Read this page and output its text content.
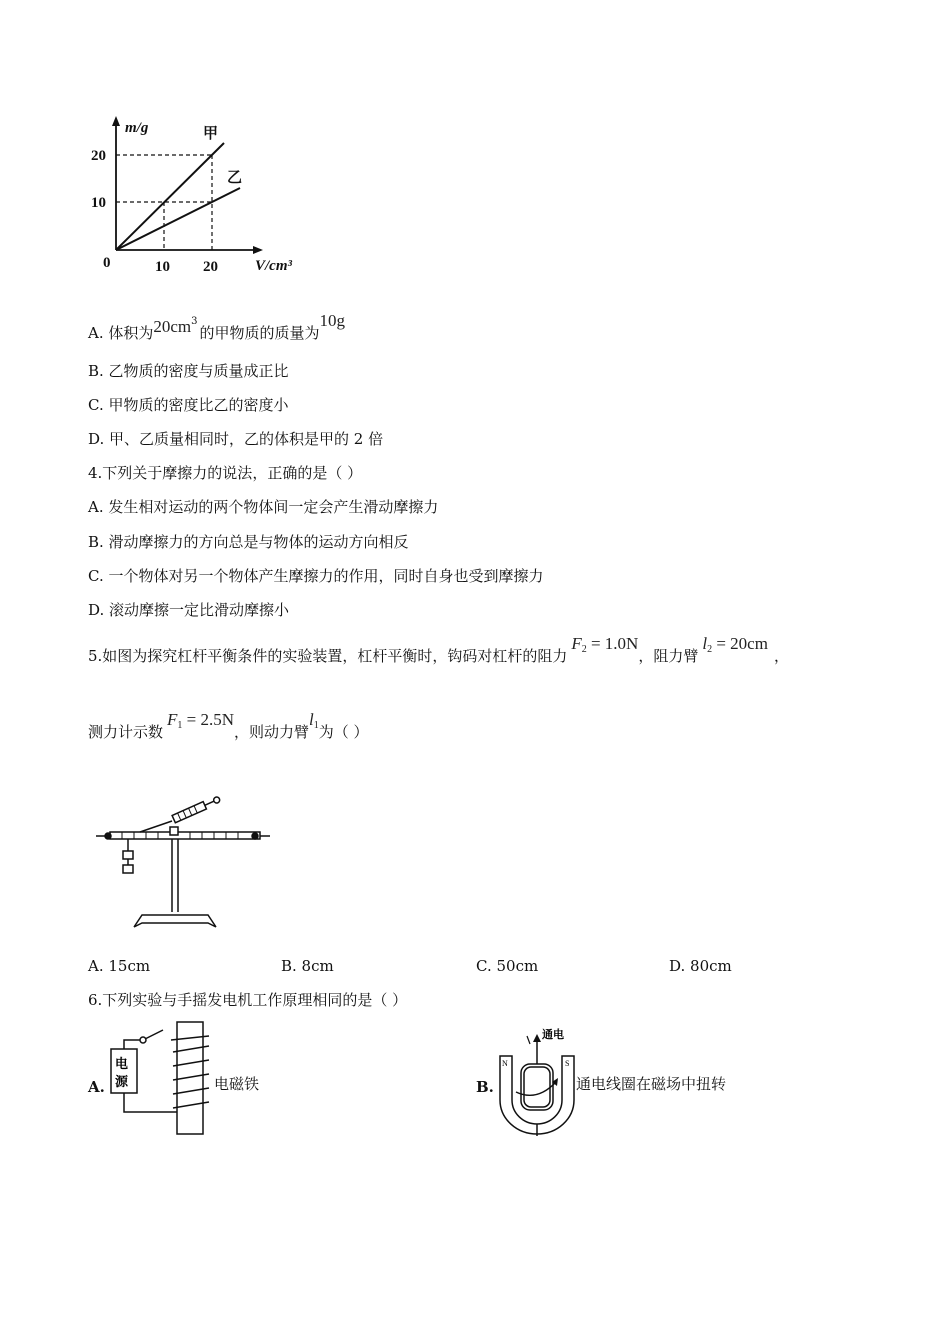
m/g
V/cm³
0
10
20
10 20
甲
乙
A. 体积为$20cm^3$的甲物质的质量为10g
B. 乙物质的密度与质量成正比
C. 甲物质的密度比乙的密度小
D. 甲、乙质量相同时，乙的体积是甲的 2 倍
4.下列关于摩擦力的说法，正确的是（ ）
A. 发生相对运动的两个物体间一定会产生滑动摩擦力
B. 滑动摩擦力的方向总是与物体的运动方向相反
C. 一个物体对另一个物体产生摩擦力的作用，同时自身也受到摩擦力
D. 滚动摩擦一定比滑动摩擦小
5.如图为探究杠杆平衡条件的实验装置，杠杆平衡时，钩码对杠杆的阻力$F_2 = 1.0N$，阻力臂$l_2 = 20cm$，
测力计示数$F_1 = 2.5N$，则动力臂$l_1$为（ ）
A. 15cm	B. 8cm	C. 50cm	D. 80cm
6.下列实验与手摇发电机工作原理相同的是（ ）
A.
电
源	电磁铁	B.
通电
N	S
通电线圈在磁场中扭转
